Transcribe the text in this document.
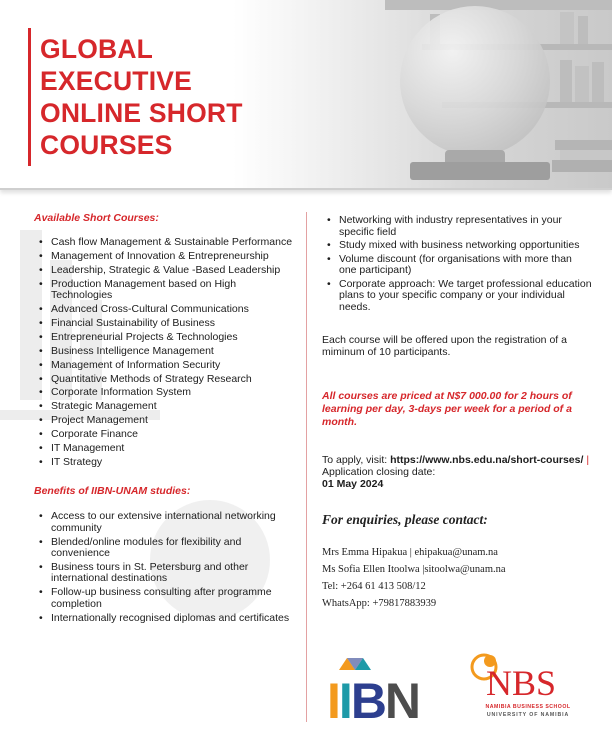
GLOBAL
EXECUTIVE
ONLINE SHORT
COURSES

Available Short Courses:

• Cash flow Management & Sustainable Performance
• Management of Innovation & Entrepreneurship
• Leadership, Strategic & Value -Based Leadership
• Production Management based on High Technologies
• Advanced Cross-Cultural Communications
• Financial Sustainability of Business
• Entrepreneurial Projects & Technologies
• Business Intelligence Management
• Management of Information Security
• Quantitative Methods of Strategy Research
• Corporate Information System
• Strategic Management
• Project Management
• Corporate Finance
• IT Management
• IT Strategy

Benefits of IIBN-UNAM studies:

• Access to our extensive international networking community
• Blended/online modules for flexibility and convenience
• Business tours in St. Petersburg and other international destinations
• Follow-up business consulting after programme completion
• Internationally recognised diplomas and certificates
• Networking with industry representatives in your specific field
• Study mixed with business networking opportunities
• Volume discount (for organisations with more than one participant)
• Corporate approach: We target professional education plans to your specific company or your individual needs.

Each course will be offered upon the registration of a miminum of 10 participants.

All courses are priced at N$7 000.00 for 2 hours of learning per day, 3-days per week for a period of a month.

To apply, visit: https://www.nbs.edu.na/short-courses/ | Application closing date:
01 May 2024

For enquiries, please contact:

Mrs Emma Hipakua | ehipakua@unam.na
Ms Sofia Ellen Itoolwa |sitoolwa@unam.na
Tel: +264 61 413 508/12
WhatsApp: +79817883939
IIBN NBS
NAMIBIA BUSINESS SCHOOL
UNIVERSITY OF NAMIBIA
